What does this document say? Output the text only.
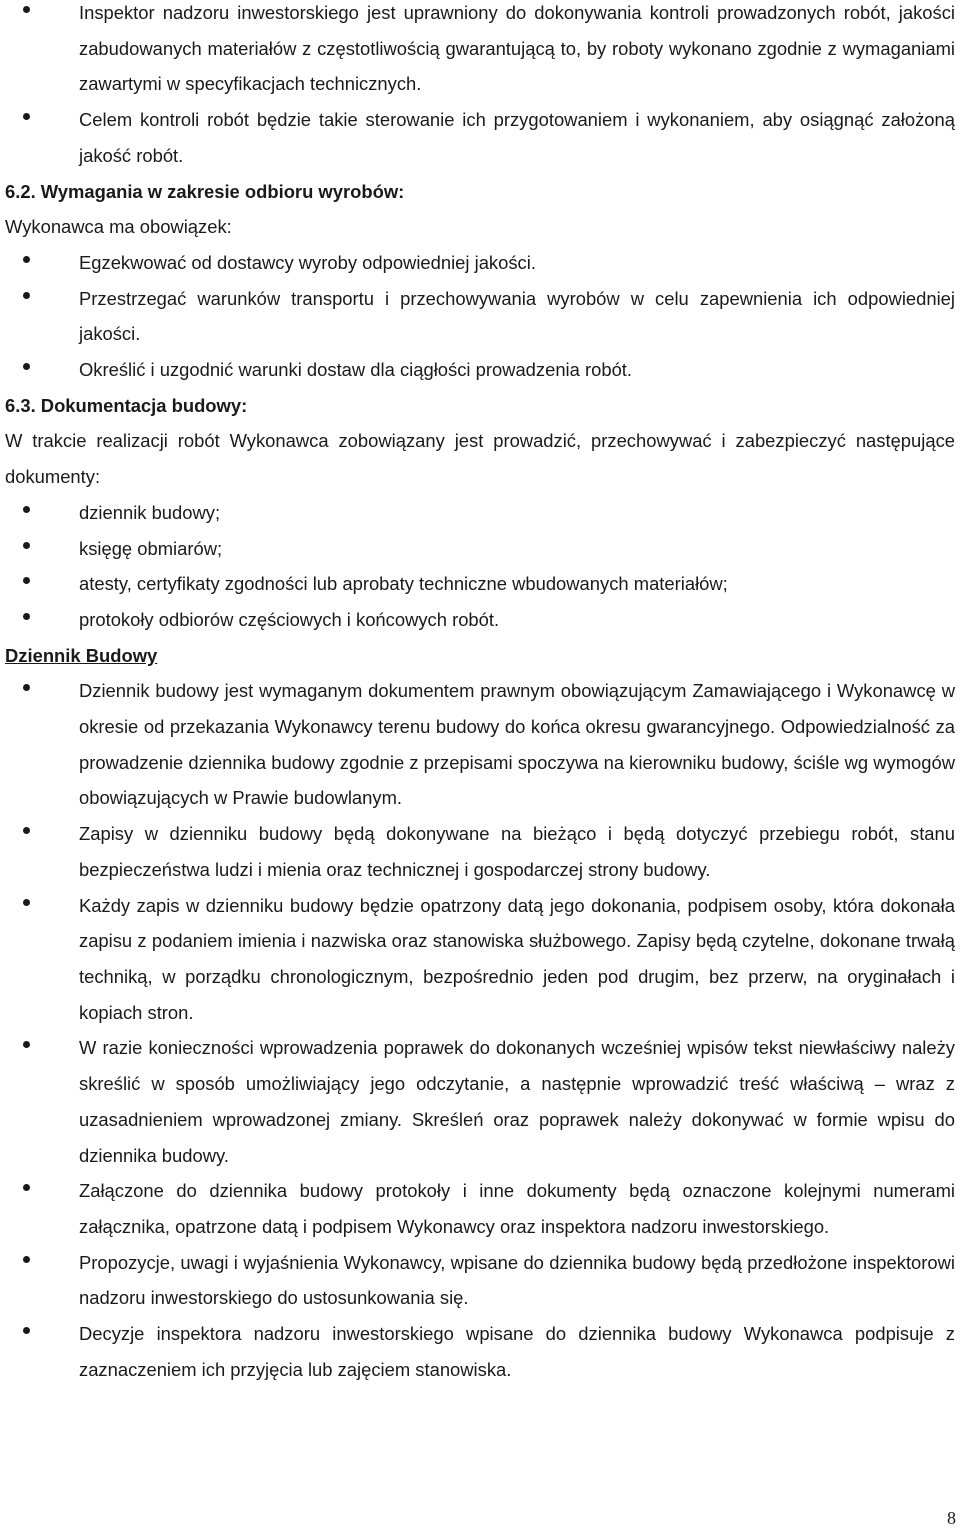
Inspektor nadzoru inwestorskiego jest uprawniony do dokonywania kontroli prowadzonych robót, jakości zabudowanych materiałów z częstotliwością gwarantującą to, by roboty wykonano zgodnie z wymaganiami zawartymi w specyfikacjach technicznych.
Celem kontroli robót będzie takie sterowanie ich przygotowaniem i wykonaniem, aby osiągnąć założoną jakość robót.
6.2. Wymagania w zakresie odbioru wyrobów:
Wykonawca ma obowiązek:
Egzekwować od dostawcy wyroby odpowiedniej jakości.
Przestrzegać warunków transportu i przechowywania wyrobów w celu zapewnienia ich odpowiedniej jakości.
Określić i uzgodnić warunki dostaw dla ciągłości prowadzenia robót.
6.3. Dokumentacja budowy:
W trakcie realizacji robót Wykonawca zobowiązany jest prowadzić, przechowywać i zabezpieczyć następujące dokumenty:
dziennik budowy;
księgę obmiarów;
atesty, certyfikaty zgodności lub aprobaty techniczne wbudowanych materiałów;
protokoły odbiorów częściowych i końcowych robót.
Dziennik Budowy
Dziennik budowy jest wymaganym dokumentem prawnym obowiązującym Zamawiającego i Wykonawcę w okresie od przekazania Wykonawcy terenu budowy do końca okresu gwarancyjnego. Odpowiedzialność za prowadzenie dziennika budowy zgodnie z przepisami spoczywa na kierowniku budowy, ściśle wg wymogów obowiązujących w Prawie budowlanym.
Zapisy w dzienniku budowy będą dokonywane na bieżąco i będą dotyczyć przebiegu robót, stanu bezpieczeństwa ludzi i mienia oraz technicznej i gospodarczej strony budowy.
Każdy zapis w dzienniku budowy będzie opatrzony datą jego dokonania, podpisem osoby, która dokonała zapisu z podaniem imienia i nazwiska oraz stanowiska służbowego. Zapisy będą czytelne, dokonane trwałą techniką, w porządku chronologicznym, bezpośrednio jeden pod drugim, bez przerw, na oryginałach i kopiach stron.
W razie konieczności wprowadzenia poprawek do dokonanych wcześniej wpisów tekst niewłaściwy należy skreślić w sposób umożliwiający jego odczytanie, a następnie wprowadzić treść właściwą – wraz z uzasadnieniem wprowadzonej zmiany. Skreśleń oraz poprawek należy dokonywać w formie wpisu do dziennika budowy.
Załączone do dziennika budowy protokoły i inne dokumenty będą oznaczone kolejnymi numerami załącznika, opatrzone datą i podpisem Wykonawcy oraz inspektora nadzoru inwestorskiego.
Propozycje, uwagi i wyjaśnienia Wykonawcy, wpisane do dziennika budowy będą przedłożone inspektorowi nadzoru inwestorskiego do ustosunkowania się.
Decyzje inspektora nadzoru inwestorskiego wpisane do dziennika budowy Wykonawca podpisuje z zaznaczeniem ich przyjęcia lub zajęciem stanowiska.
8
